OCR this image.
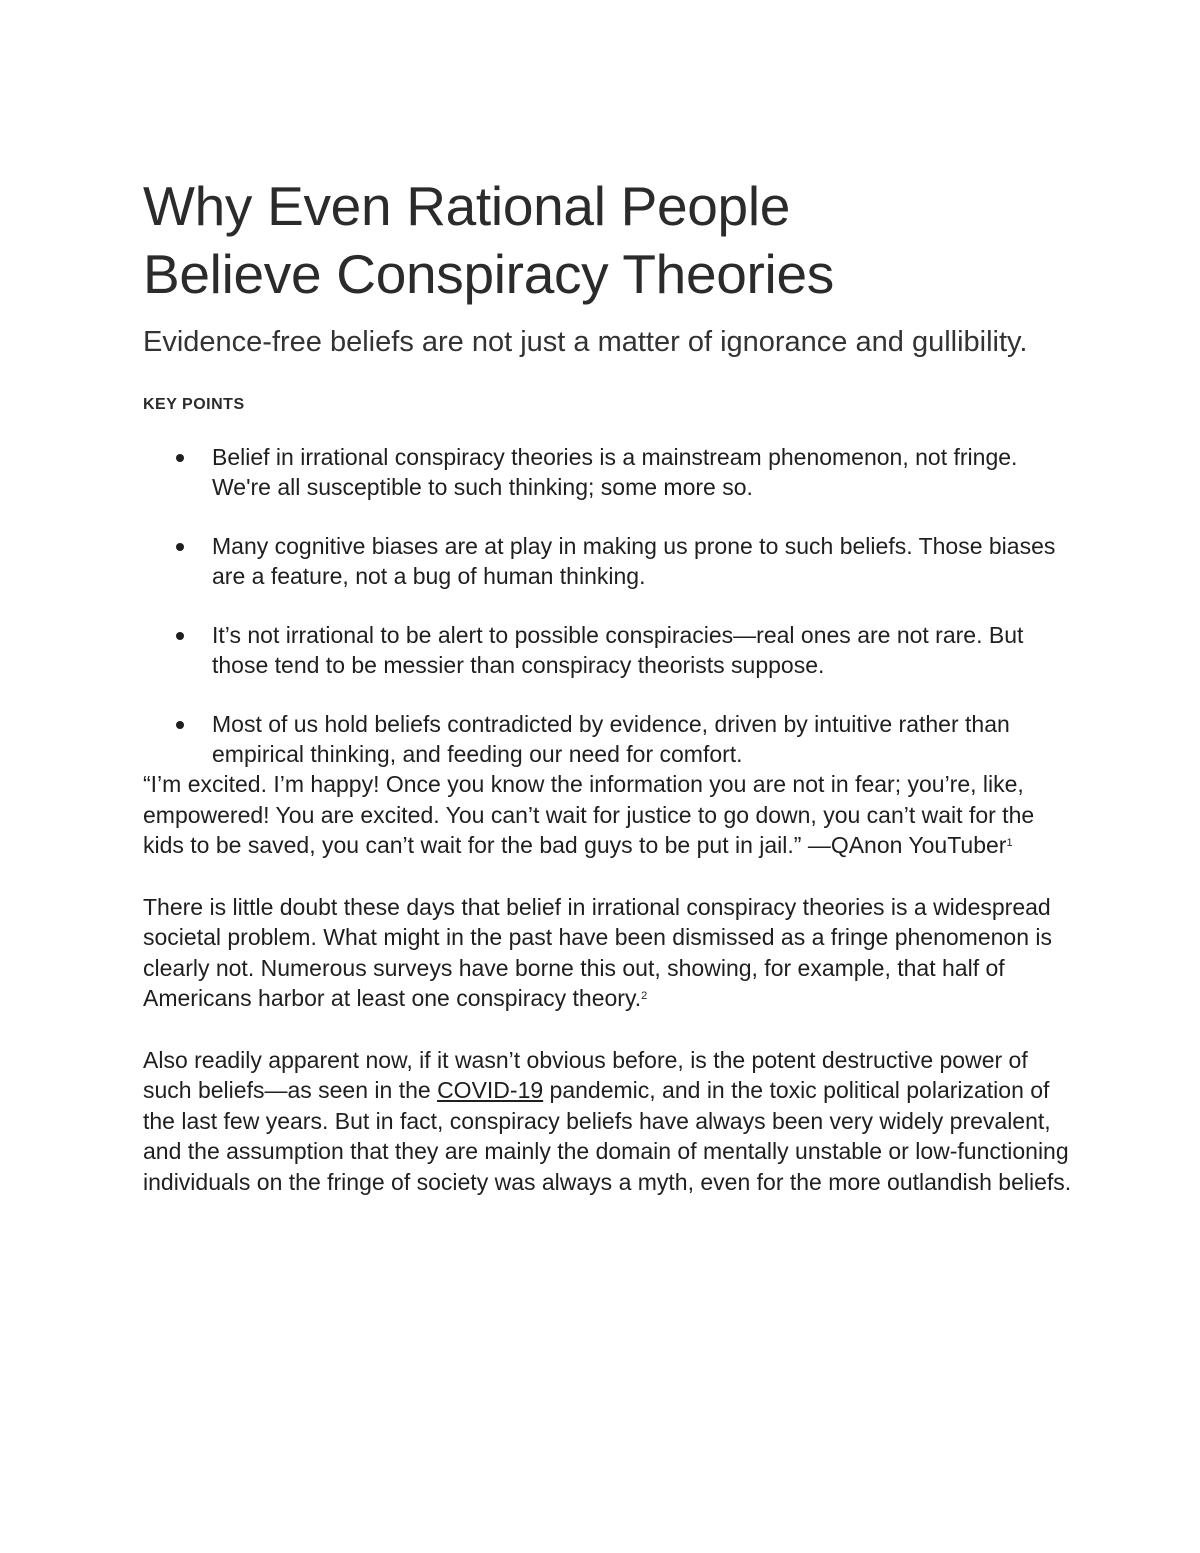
Why Even Rational People
Believe Conspiracy Theories

Evidence-free beliefs are not just a matter of ignorance and gullibility.

KEY POINTS
Belief in irrational conspiracy theories is a mainstream phenomenon, not fringe. We're all susceptible to such thinking; some more so.
Many cognitive biases are at play in making us prone to such beliefs. Those biases are a feature, not a bug of human thinking.
It’s not irrational to be alert to possible conspiracies—real ones are not rare. But those tend to be messier than conspiracy theorists suppose.
Most of us hold beliefs contradicted by evidence, driven by intuitive rather than empirical thinking, and feeding our need for comfort.

“I’m excited. I’m happy! Once you know the information you are not in fear; you’re, like, empowered! You are excited. You can’t wait for justice to go down, you can’t wait for the kids to be saved, you can’t wait for the bad guys to be put in jail.” —QAnon YouTuber$^1$

There is little doubt these days that belief in irrational conspiracy theories is a widespread societal problem. What might in the past have been dismissed as a fringe phenomenon is clearly not. Numerous surveys have borne this out, showing, for example, that half of Americans harbor at least one conspiracy theory.$^2$

Also readily apparent now, if it wasn’t obvious before, is the potent destructive power of such beliefs—as seen in the COVID-19 pandemic, and in the toxic political polarization of the last few years. But in fact, conspiracy beliefs have always been very widely prevalent, and the assumption that they are mainly the domain of mentally unstable or low-functioning individuals on the fringe of society was always a myth, even for the more outlandish beliefs.
